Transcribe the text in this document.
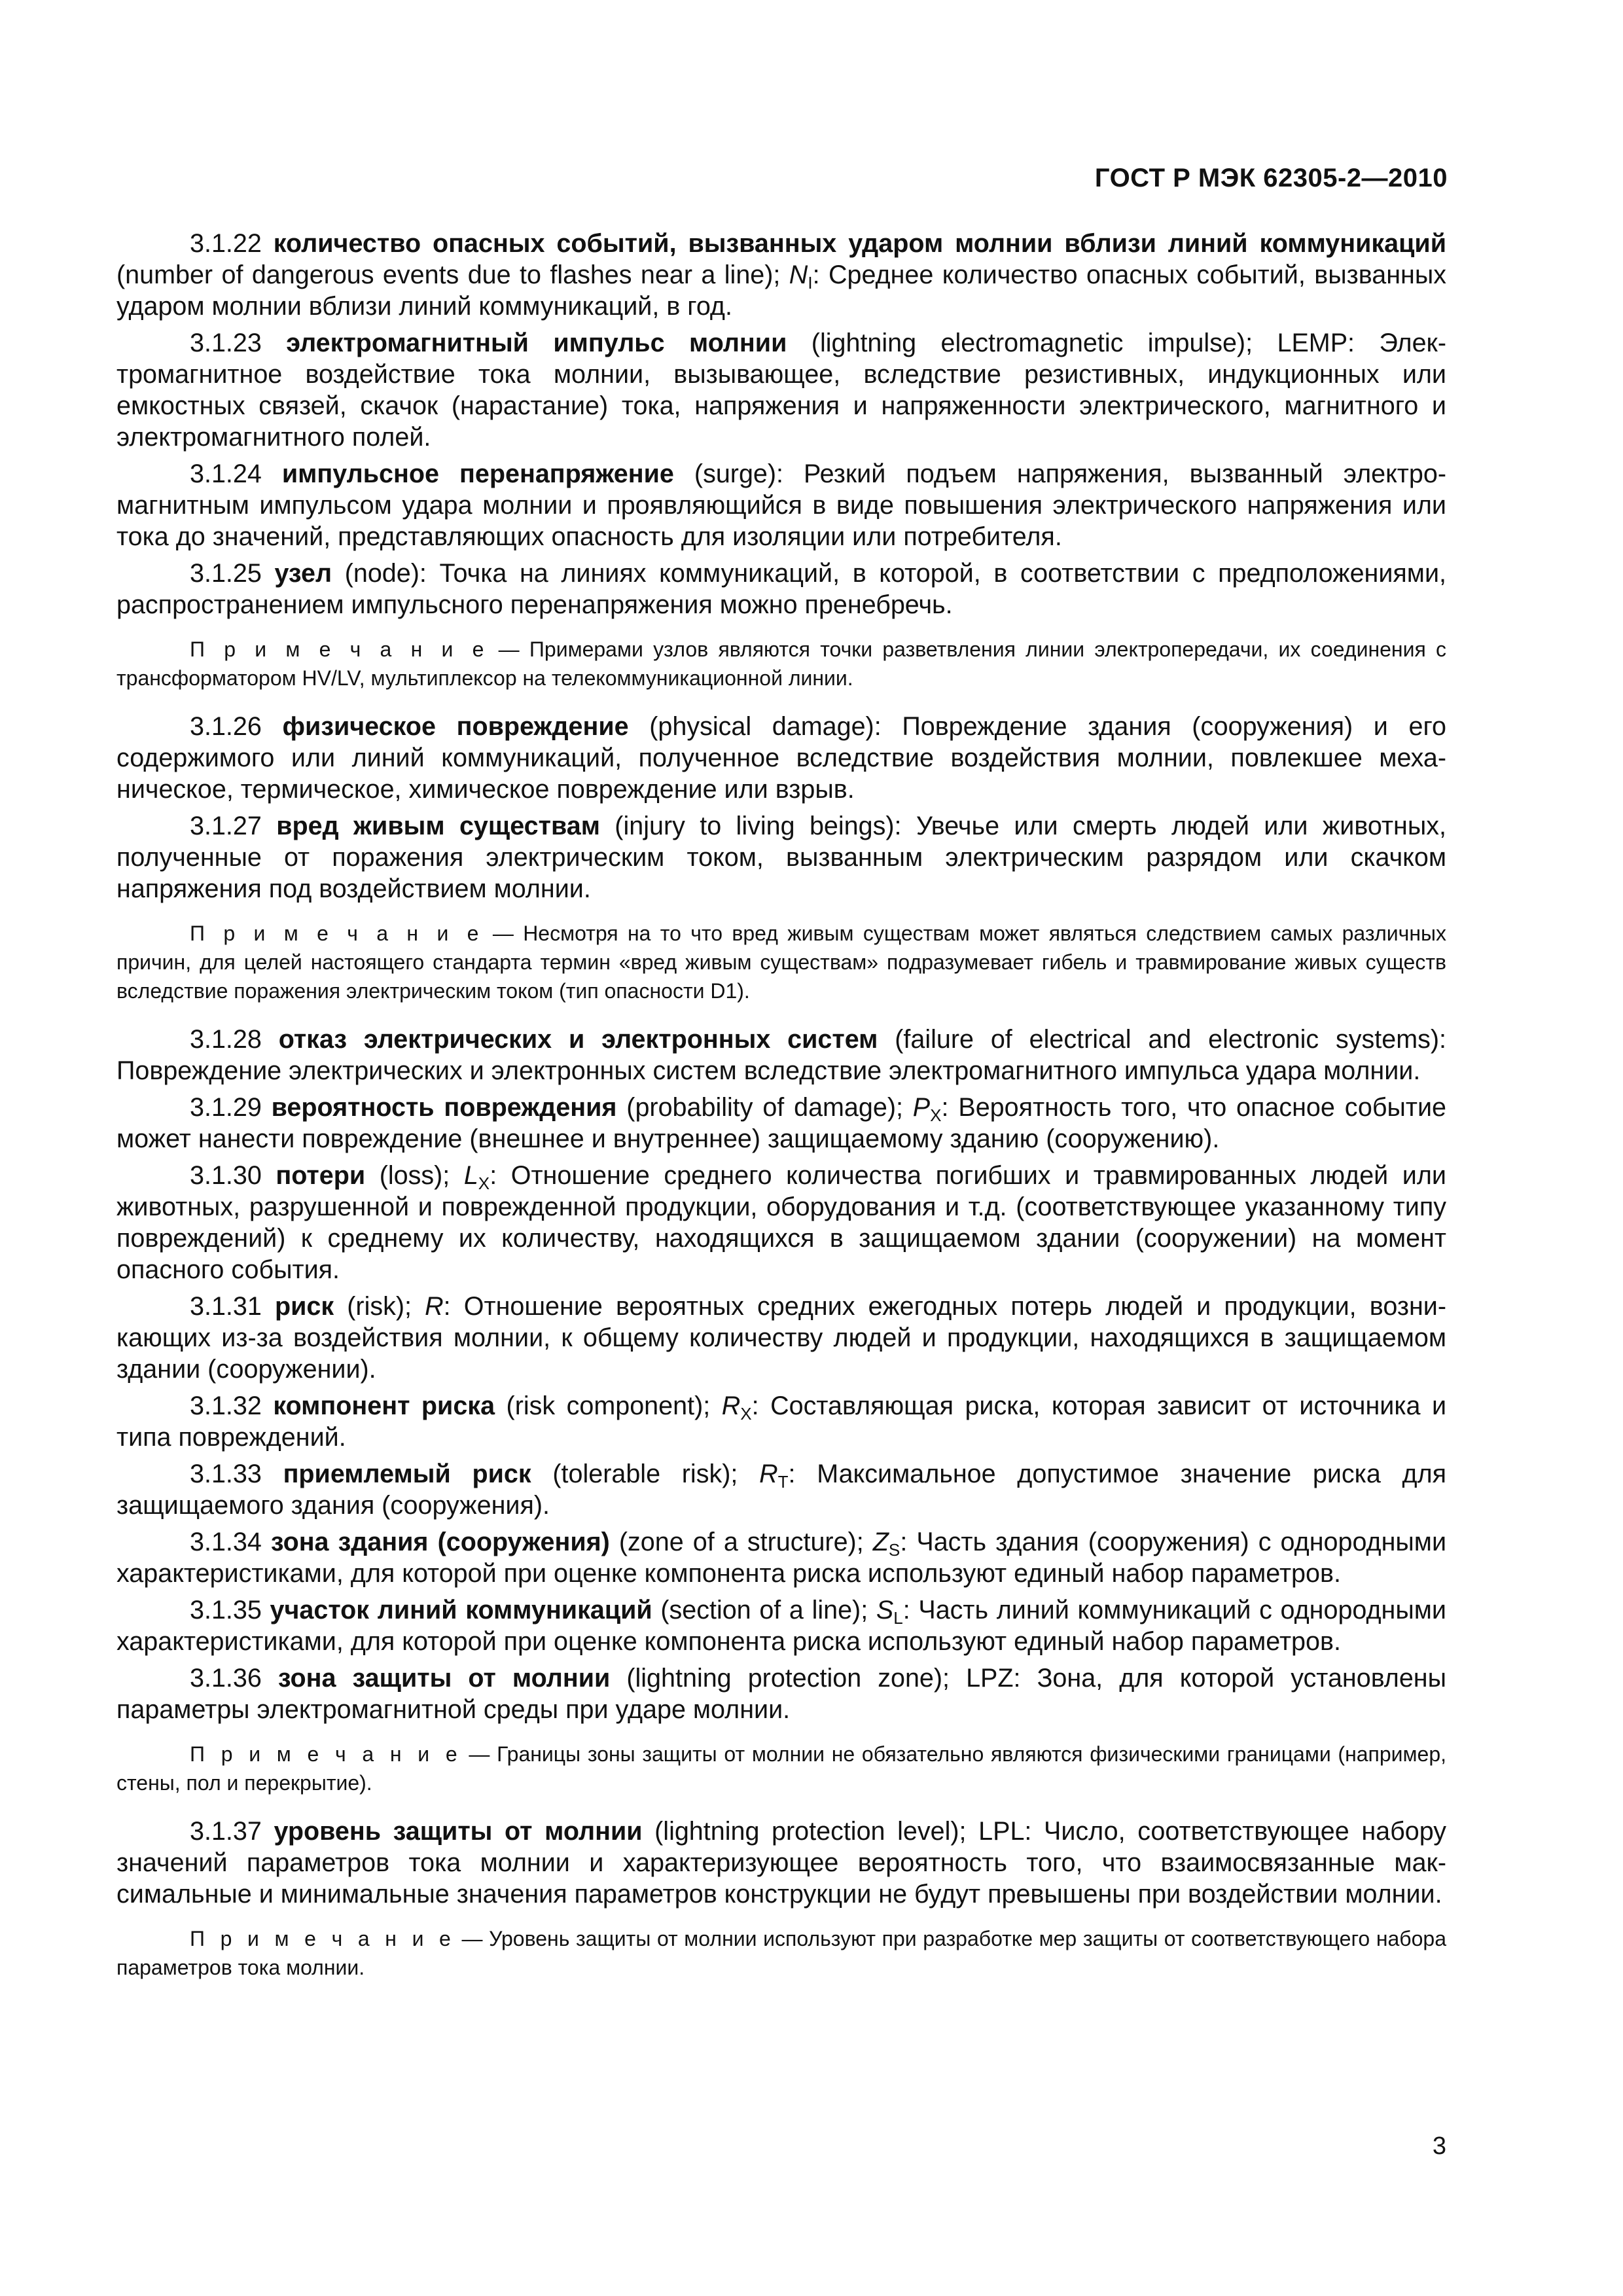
ГОСТ Р МЭК 62305-2—2010

3.1.22 количество опасных событий, вызванных ударом молнии вблизи линий коммуникаций (number of dangerous events due to flashes near a line); $N_I$: Среднее количество опасных событий, вызванных ударом молнии вблизи линий коммуникаций, в год.

3.1.23 электромагнитный импульс молнии (lightning electromagnetic impulse); LEMP: Электромагнитное воздействие тока молнии, вызывающее, вследствие резистивных, индукционных или емкостных связей, скачок (нарастание) тока, напряжения и напряженности электрического, магнитного и электромагнитного полей.

3.1.24 импульсное перенапряжение (surge): Резкий подъем напряжения, вызванный электромагнитным импульсом удара молнии и проявляющийся в виде повышения электрического напряжения или тока до значений, представляющих опасность для изоляции или потребителя.

3.1.25 узел (node): Точка на линиях коммуникаций, в которой, в соответствии с предположениями, распространением импульсного перенапряжения можно пренебречь.

П р и м е ч а н и е — Примерами узлов являются точки разветвления линии электропередачи, их соединения с трансформатором HV/LV, мультиплексор на телекоммуникационной линии.

3.1.26 физическое повреждение (physical damage): Повреждение здания (сооружения) и его содержимого или линий коммуникаций, полученное вследствие воздействия молнии, повлекшее механическое, термическое, химическое повреждение или взрыв.

3.1.27 вред живым существам (injury to living beings): Увечье или смерть людей или животных, полученные от поражения электрическим током, вызванным электрическим разрядом или скачком напряжения под воздействием молнии.

П р и м е ч а н и е — Несмотря на то что вред живым существам может являться следствием самых различных причин, для целей настоящего стандарта термин «вред живым существам» подразумевает гибель и травмирование живых существ вследствие поражения электрическим током (тип опасности D1).

3.1.28 отказ электрических и электронных систем (failure of electrical and electronic systems): Повреждение электрических и электронных систем вследствие электромагнитного импульса удара молнии.

3.1.29 вероятность повреждения (probability of damage); $P_X$: Вероятность того, что опасное событие может нанести повреждение (внешнее и внутреннее) защищаемому зданию (сооружению).

3.1.30 потери (loss); $L_X$: Отношение среднего количества погибших и травмированных людей или животных, разрушенной и поврежденной продукции, оборудования и т.д. (соответствующее указанному типу повреждений) к среднему их количеству, находящихся в защищаемом здании (сооружении) на момент опасного события.

3.1.31 риск (risk); R: Отношение вероятных средних ежегодных потерь людей и продукции, возникающих из-за воздействия молнии, к общему количеству людей и продукции, находящихся в защищаемом здании (сооружении).

3.1.32 компонент риска (risk component); $R_X$: Составляющая риска, которая зависит от источника и типа повреждений.

3.1.33 приемлемый риск (tolerable risk); $R_T$: Максимальное допустимое значение риска для защищаемого здания (сооружения).

3.1.34 зона здания (сооружения) (zone of a structure); $Z_S$: Часть здания (сооружения) с однородными характеристиками, для которой при оценке компонента риска используют единый набор параметров.

3.1.35 участок линий коммуникаций (section of a line); $S_L$: Часть линий коммуникаций с однородными характеристиками, для которой при оценке компонента риска используют единый набор параметров.

3.1.36 зона защиты от молнии (lightning protection zone); LPZ: Зона, для которой установлены параметры электромагнитной среды при ударе молнии.

П р и м е ч а н и е — Границы зоны защиты от молнии не обязательно являются физическими границами (например, стены, пол и перекрытие).

3.1.37 уровень защиты от молнии (lightning protection level); LPL: Число, соответствующее набору значений параметров тока молнии и характеризующее вероятность того, что взаимосвязанные максимальные и минимальные значения параметров конструкции не будут превышены при воздействии молнии.

П р и м е ч а н и е — Уровень защиты от молнии используют при разработке мер защиты от соответствующего набора параметров тока молнии.

3
